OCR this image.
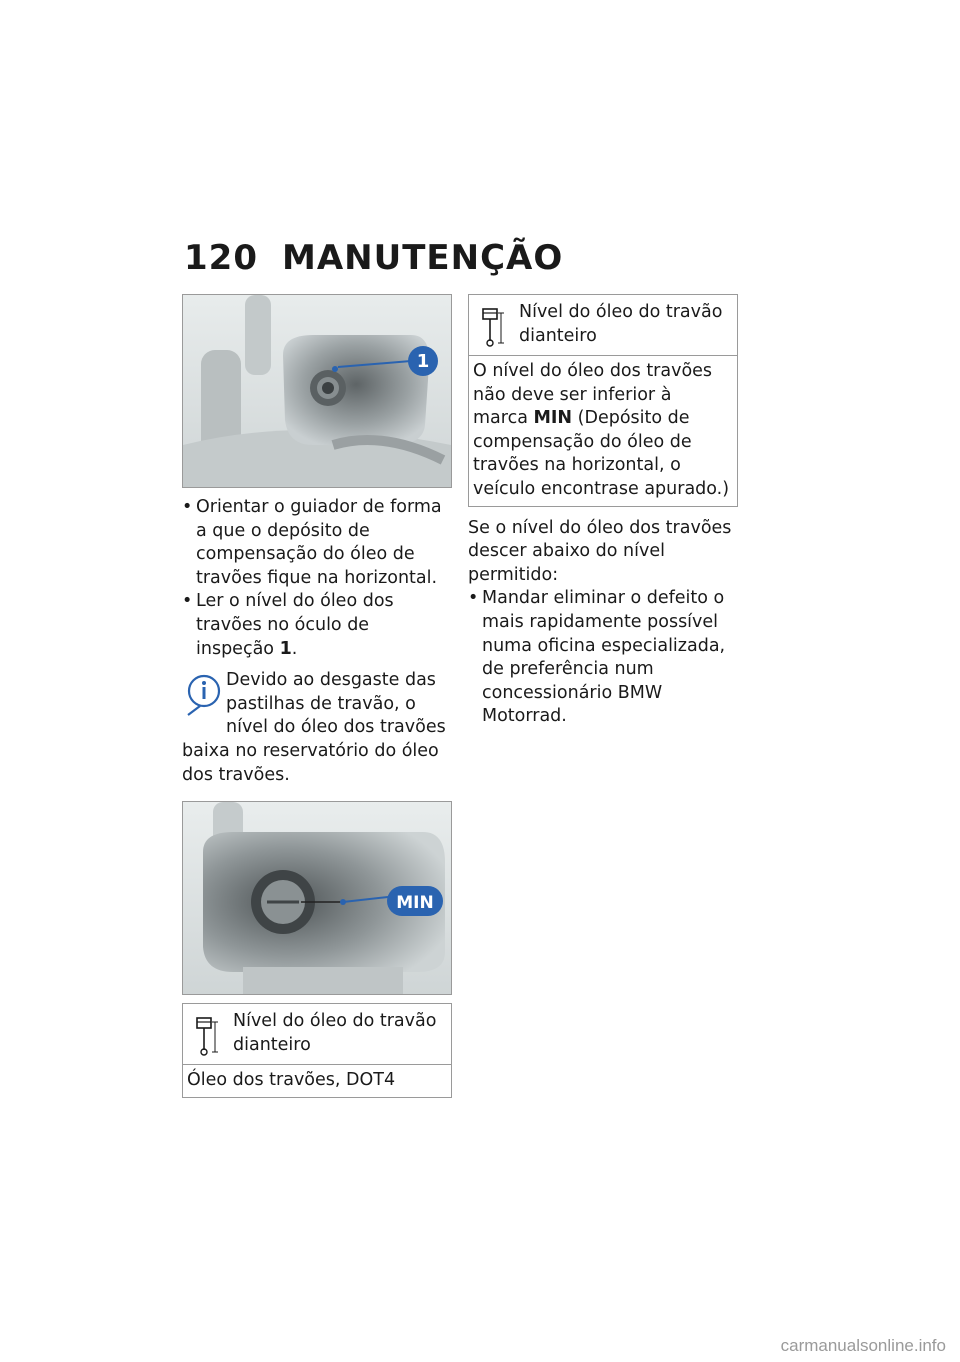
120 MANUTENÇÃO
1
• Orientar o guiador de forma a que o depósito de compensação do óleo de travões fique na horizontal.
• Ler o nível do óleo dos travões no óculo de inspeção 1.
Devido ao desgaste das pastilhas de travão, o nível do óleo dos travões baixa no reservatório do óleo dos travões.
MIN
Nível do óleo do travão dianteiro
Óleo dos travões, DOT4
Nível do óleo do travão dianteiro
O nível do óleo dos travões não deve ser inferior à marca MIN (Depósito de compensação do óleo de travões na horizontal, o veículo encontrase apurado.)
Se o nível do óleo dos travões descer abaixo do nível permitido:
• Mandar eliminar o defeito o mais rapidamente possível numa oficina especializada, de preferência num concessionário BMW Motorrad.
carmanualsonline.info
